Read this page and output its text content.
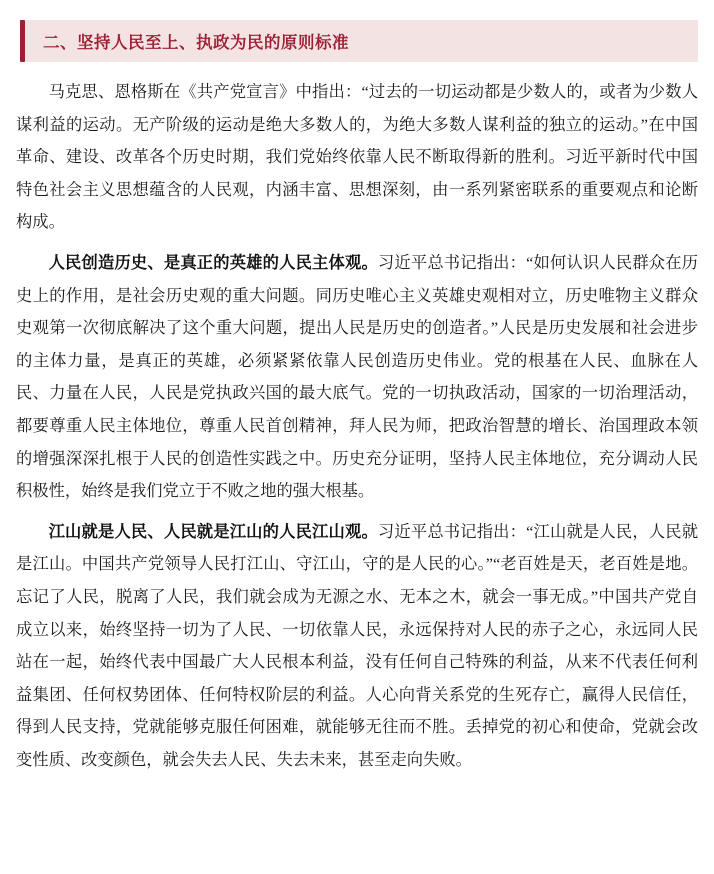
二、坚持人民至上、执政为民的原则标准

马克思、恩格斯在《共产党宣言》中指出：“过去的一切运动都是少数人的，或者为少数人谋利益的运动。无产阶级的运动是绝大多数人的，为绝大多数人谋利益的独立的运动。”在中国革命、建设、改革各个历史时期，我们党始终依靠人民不断取得新的胜利。习近平新时代中国特色社会主义思想蕴含的人民观，内涵丰富、思想深刻，由一系列紧密联系的重要观点和论断构成。

人民创造历史、是真正的英雄的人民主体观。习近平总书记指出：“如何认识人民群众在历史上的作用，是社会历史观的重大问题。同历史唯心主义英雄史观相对立，历史唯物主义群众史观第一次彻底解决了这个重大问题，提出人民是历史的创造者。”人民是历史发展和社会进步的主体力量，是真正的英雄，必须紧紧依靠人民创造历史伟业。党的根基在人民、血脉在人民、力量在人民，人民是党执政兴国的最大底气。党的一切执政活动，国家的一切治理活动，都要尊重人民主体地位，尊重人民首创精神，拜人民为师，把政治智慧的增长、治国理政本领的增强深深扎根于人民的创造性实践之中。历史充分证明，坚持人民主体地位，充分调动人民积极性，始终是我们党立于不败之地的强大根基。

江山就是人民、人民就是江山的人民江山观。习近平总书记指出：“江山就是人民，人民就是江山。中国共产党领导人民打江山、守江山，守的是人民的心。”“老百姓是天，老百姓是地。忘记了人民，脱离了人民，我们就会成为无源之水、无本之木，就会一事无成。”中国共产党自成立以来，始终坚持一切为了人民、一切依靠人民，永远保持对人民的赤子之心，永远同人民站在一起，始终代表中国最广大人民根本利益，没有任何自己特殊的利益，从来不代表任何利益集团、任何权势团体、任何特权阶层的利益。人心向背关系党的生死存亡，赢得人民信任，得到人民支持，党就能够克服任何困难，就能够无往而不胜。丢掉党的初心和使命，党就会改变性质、改变颜色，就会失去人民、失去未来，甚至走向失败。
